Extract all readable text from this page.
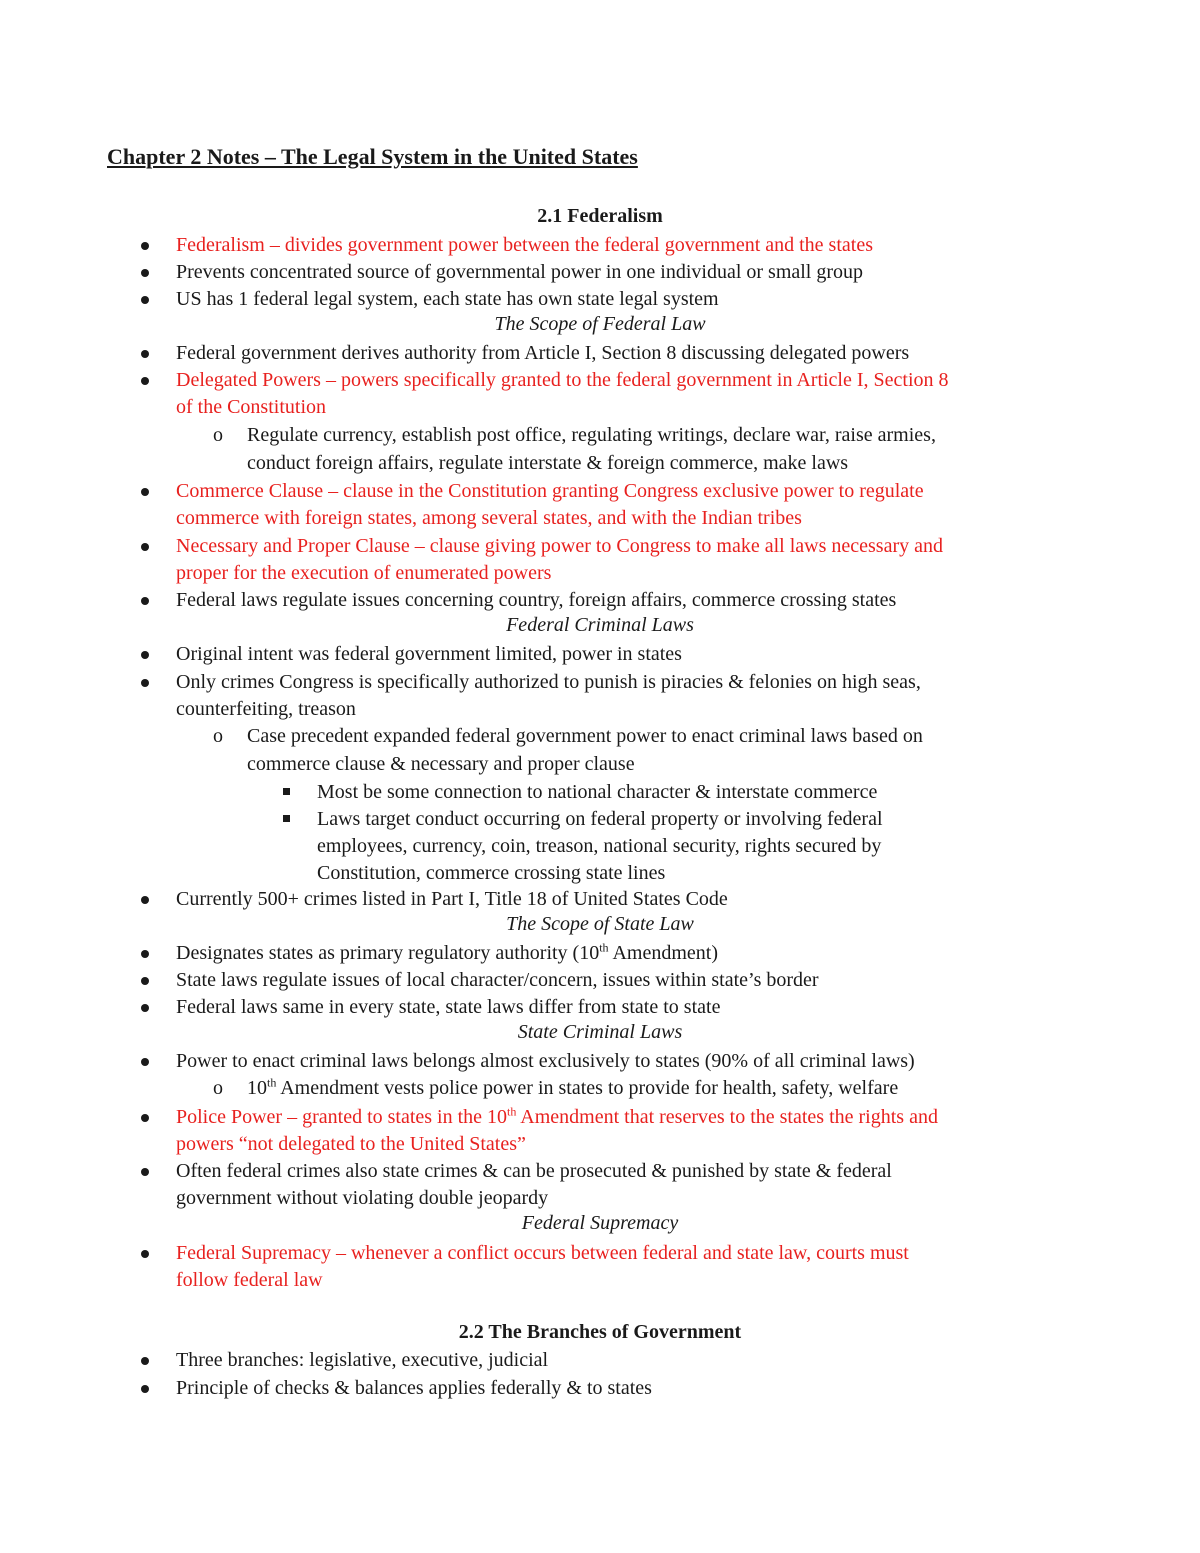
Chapter 2 Notes – The Legal System in the United States
2.1 Federalism
Federalism – divides government power between the federal government and the states
Prevents concentrated source of governmental power in one individual or small group
US has 1 federal legal system, each state has own state legal system
The Scope of Federal Law
Federal government derives authority from Article I, Section 8 discussing delegated powers
Delegated Powers – powers specifically granted to the federal government in Article I, Section 8
of the Constitution
o Regulate currency, establish post office, regulating writings, declare war, raise armies,
conduct foreign affairs, regulate interstate & foreign commerce, make laws
Commerce Clause – clause in the Constitution granting Congress exclusive power to regulate
commerce with foreign states, among several states, and with the Indian tribes
Necessary and Proper Clause – clause giving power to Congress to make all laws necessary and
proper for the execution of enumerated powers
Federal laws regulate issues concerning country, foreign affairs, commerce crossing states
Federal Criminal Laws
Original intent was federal government limited, power in states
Only crimes Congress is specifically authorized to punish is piracies & felonies on high seas,
counterfeiting, treason
o Case precedent expanded federal government power to enact criminal laws based on
commerce clause & necessary and proper clause
Most be some connection to national character & interstate commerce
Laws target conduct occurring on federal property or involving federal
employees, currency, coin, treason, national security, rights secured by
Constitution, commerce crossing state lines
Currently 500+ crimes listed in Part I, Title 18 of United States Code
The Scope of State Law
Designates states as primary regulatory authority (10th Amendment)
State laws regulate issues of local character/concern, issues within state’s border
Federal laws same in every state, state laws differ from state to state
State Criminal Laws
Power to enact criminal laws belongs almost exclusively to states (90% of all criminal laws)
o 10th Amendment vests police power in states to provide for health, safety, welfare
Police Power – granted to states in the 10th Amendment that reserves to the states the rights and
powers “not delegated to the United States”
Often federal crimes also state crimes & can be prosecuted & punished by state & federal
government without violating double jeopardy
Federal Supremacy
Federal Supremacy – whenever a conflict occurs between federal and state law, courts must
follow federal law
2.2 The Branches of Government
Three branches: legislative, executive, judicial
Principle of checks & balances applies federally & to states
